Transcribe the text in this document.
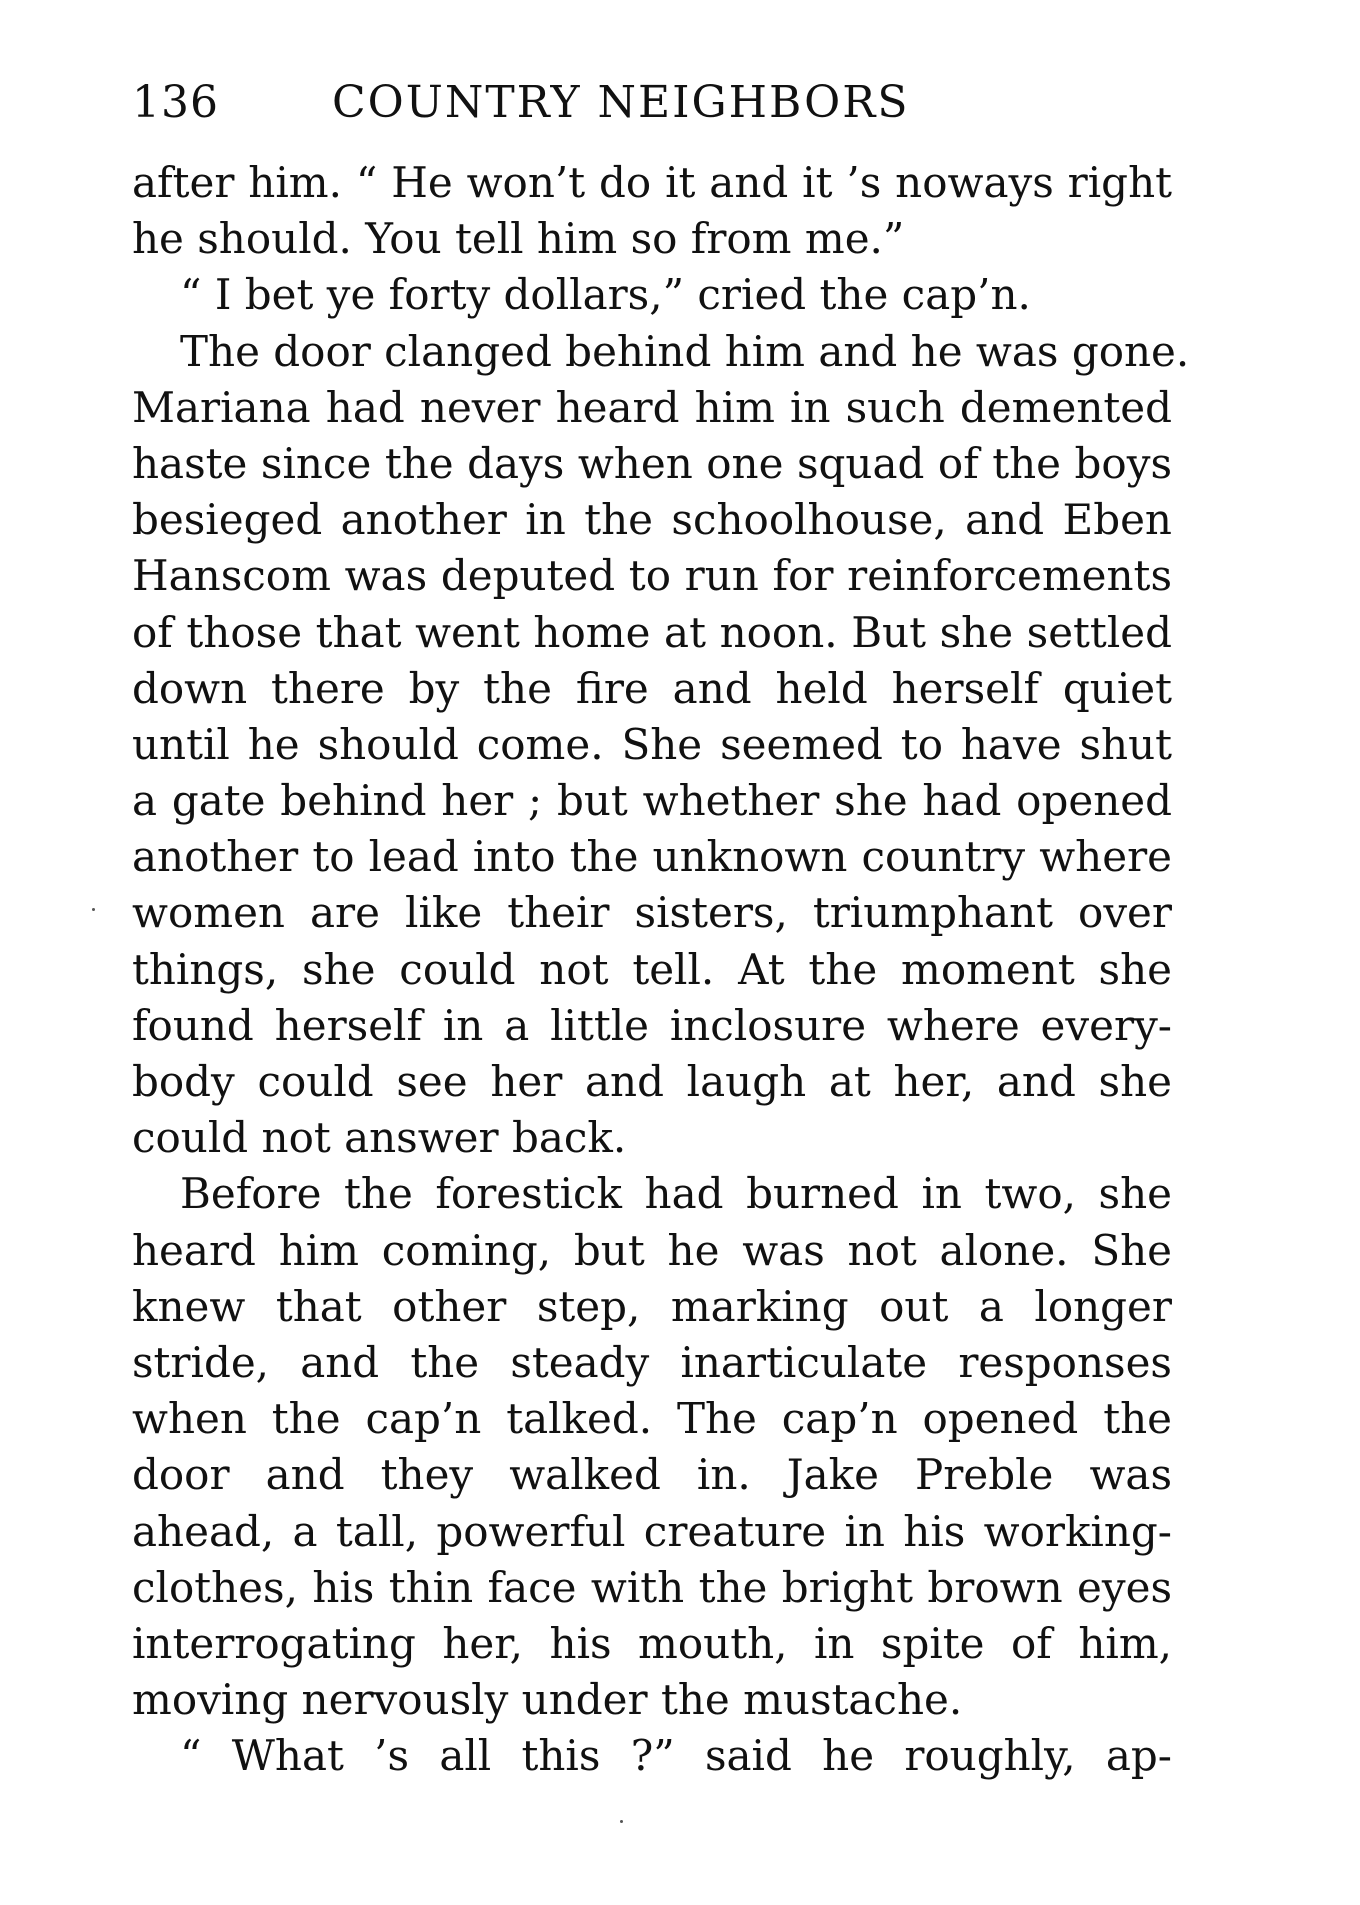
136	COUNTRY NEIGHBORS
after him. “ He won’t do it and it ’s noways right
he should. You tell him so from me.”
“ I bet ye forty dollars,” cried the cap’n.
The door clanged behind him and he was gone.
Mariana had never heard him in such demented
haste since the days when one squad of the boys
besieged another in the schoolhouse, and Eben
Hanscom was deputed to run for reinforcements
of those that went home at noon. But she settled
down there by the fire and held herself quiet
until he should come. She seemed to have shut
a gate behind her ; but whether she had opened
another to lead into the unknown country where
women are like their sisters, triumphant over
things, she could not tell. At the moment she
found herself in a little inclosure where every-
body could see her and laugh at her, and she
could not answer back.
Before the forestick had burned in two, she
heard him coming, but he was not alone. She
knew that other step, marking out a longer
stride, and the steady inarticulate responses
when the cap’n talked. The cap’n opened the
door and they walked in. Jake Preble was
ahead, a tall, powerful creature in his working-
clothes, his thin face with the bright brown eyes
interrogating her, his mouth, in spite of him,
moving nervously under the mustache.
“ What ’s all this ?” said he roughly, ap-
